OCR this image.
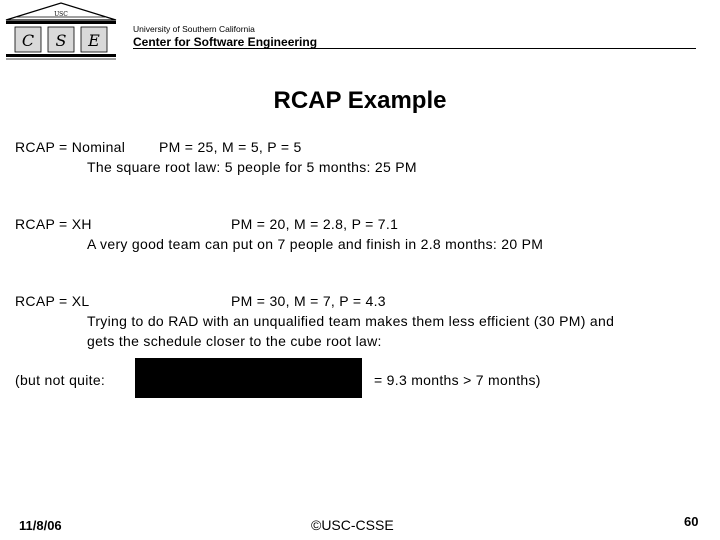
USC
C S E
University of Southern California
Center for Software Engineering
RCAP Example
RCAP = Nominal PM = 25, M = 5, P = 5
The square root law: 5 people for 5 months: 25 PM
RCAP = XH	PM = 20, M = 2.8, P = 7.1
A very good team can put on 7 people and finish in 2.8 months: 20 PM
RCAP = XL	PM = 30, M = 7, P = 4.3
Trying to do RAD with an unqualified team makes them less efficient (30 PM) and
gets the schedule closer to the cube root law:
(but not quite:	= 9.3 months > 7 months)
11/8/06	©USC-CSSE	60
